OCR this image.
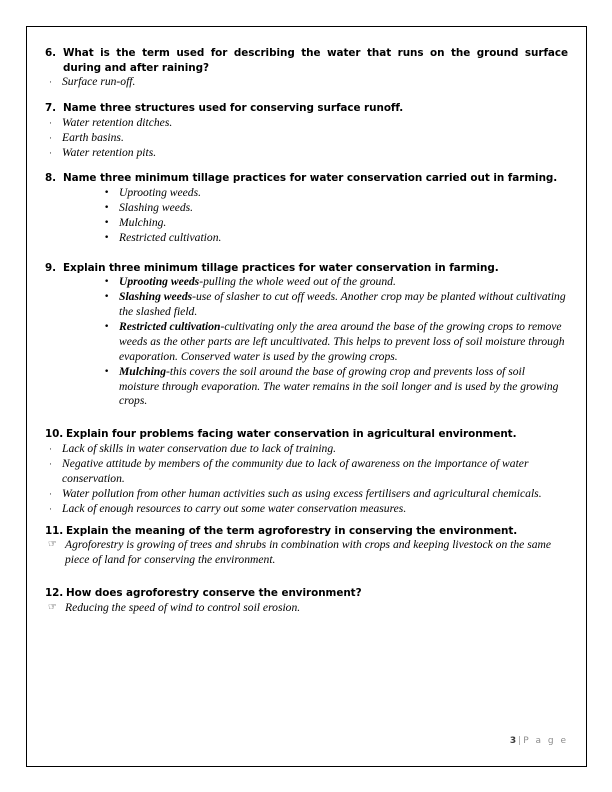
6. What is the term used for describing the water that runs on the ground surface during and after raining?
· Surface run-off.
7. Name three structures used for conserving surface runoff.
· Water retention ditches.
· Earth basins.
· Water retention pits.
8. Name three minimum tillage practices for water conservation carried out in farming.
• Uprooting weeds.
• Slashing weeds.
• Mulching.
• Restricted cultivation.
9. Explain three minimum tillage practices for water conservation in farming.
• Uprooting weeds-pulling the whole weed out of the ground.
• Slashing weeds-use of slasher to cut off weeds. Another crop may be planted without cultivating the slashed field.
• Restricted cultivation-cultivating only the area around the base of the growing crops to remove weeds as the other parts are left uncultivated. This helps to prevent loss of soil moisture through evaporation. Conserved water is used by the growing crops.
• Mulching-this covers the soil around the base of growing crop and prevents loss of soil moisture through evaporation. The water remains in the soil longer and is used by the growing crops.
10. Explain four problems facing water conservation in agricultural environment.
· Lack of skills in water conservation due to lack of training.
· Negative attitude by members of the community due to lack of awareness on the importance of water conservation.
· Water pollution from other human activities such as using excess fertilisers and agricultural chemicals.
· Lack of enough resources to carry out some water conservation measures.
11. Explain the meaning of the term agroforestry in conserving the environment.
☞ Agroforestry is growing of trees and shrubs in combination with crops and keeping livestock on the same piece of land for conserving the environment.
12. How does agroforestry conserve the environment?
☞ Reducing the speed of wind to control soil erosion.
3 | P a g e
